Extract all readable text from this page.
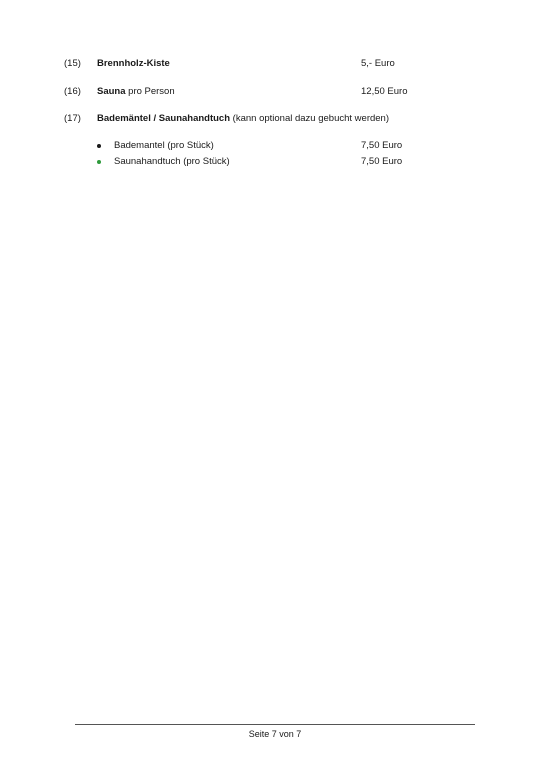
(15) Brennholz-Kiste	5,- Euro
(16) Sauna pro Person	12,50 Euro
(17) Bademäntel / Saunahandtuch (kann optional dazu gebucht werden)
Bademantel (pro Stück)	7,50 Euro
Saunahandtuch (pro Stück)	7,50 Euro
Seite 7 von 7
